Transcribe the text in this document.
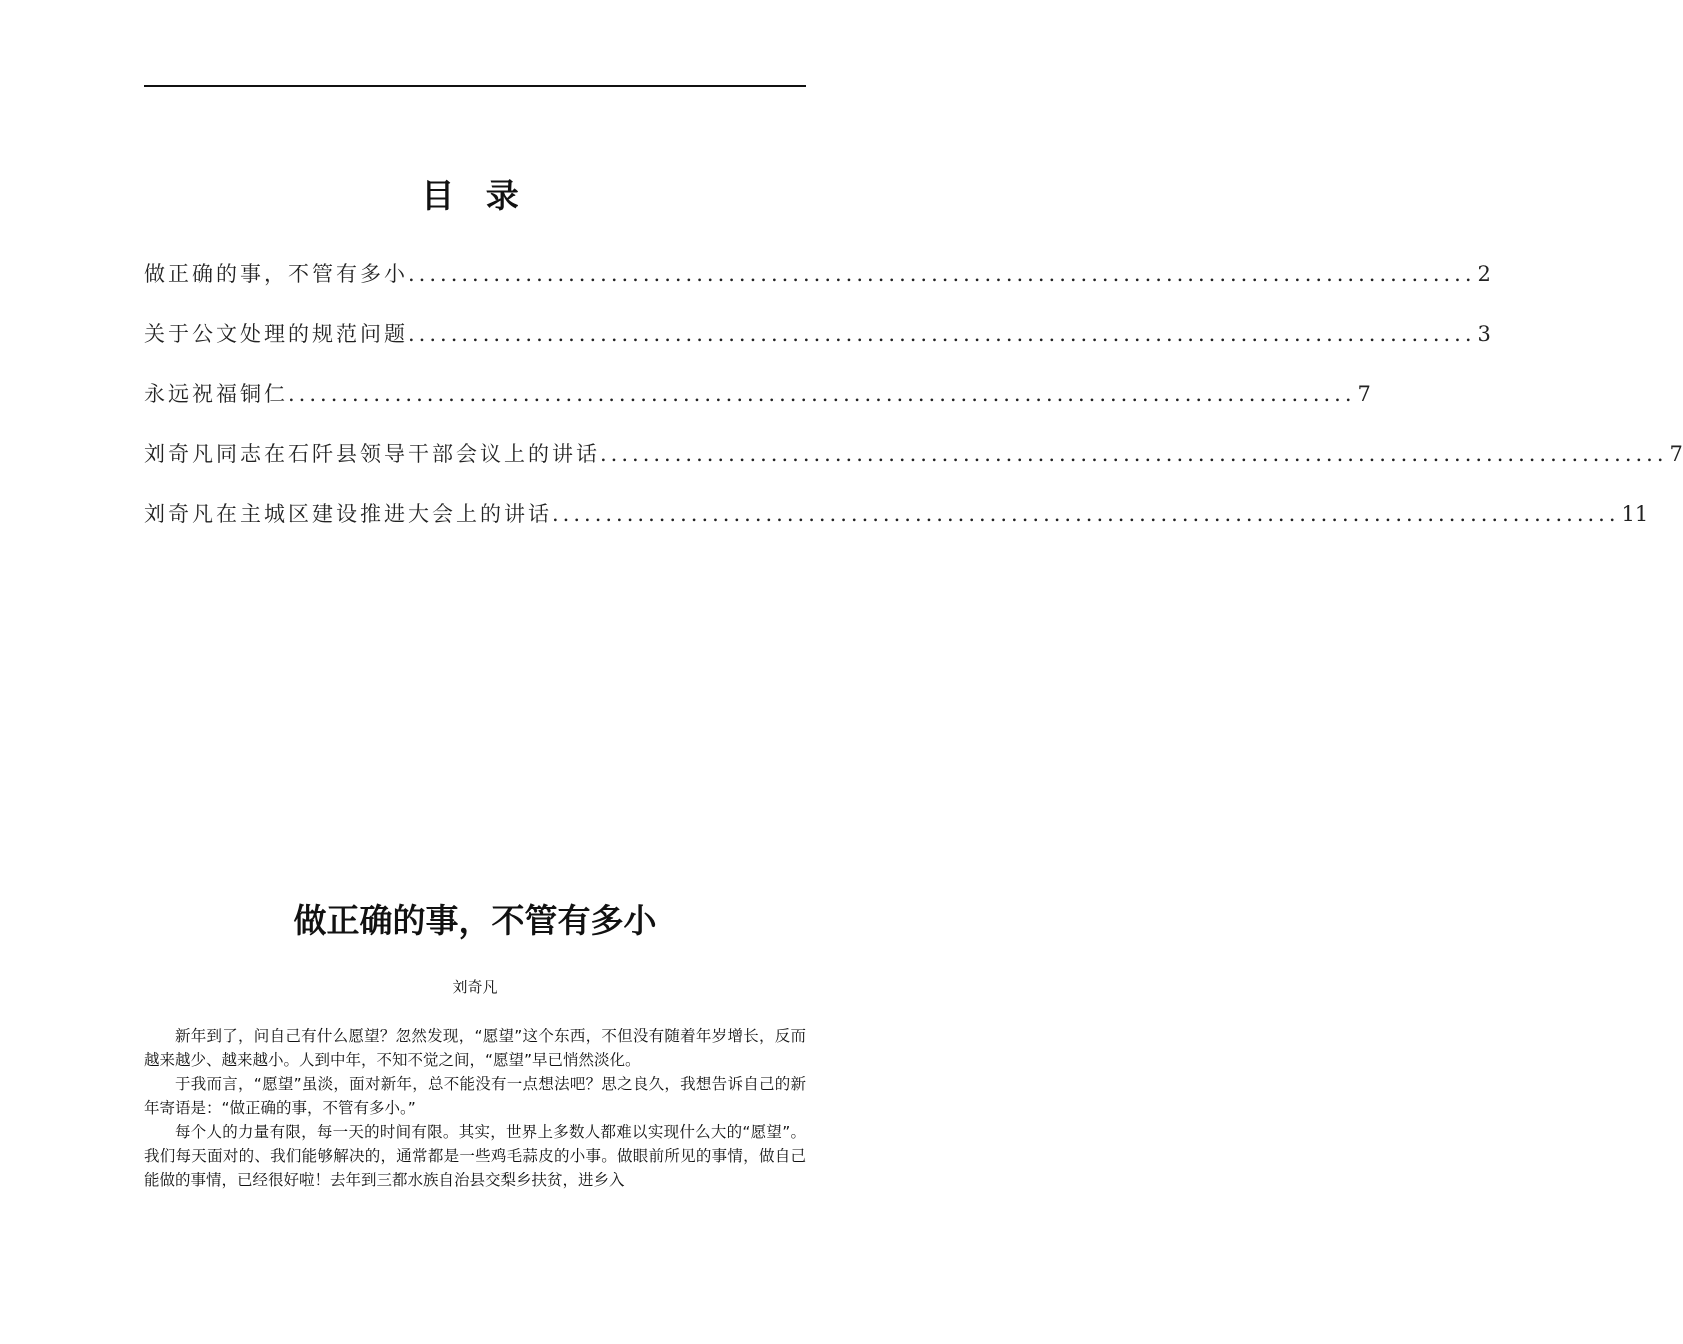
目 录
做正确的事，不管有多小 .................................................................................................... 2
关于公文处理的规范问题 .................................................................................................... 3
永远祝福铜仁 .................................................................................................... 7
刘奇凡同志在石阡县领导干部会议上的讲话 .................................................................................................... 7
刘奇凡在主城区建设推进大会上的讲话 .................................................................................................... 11
做正确的事，不管有多小
刘奇凡

新年到了，问自己有什么愿望？忽然发现，“愿望”这个东西，不但没有随着年岁增长，反而越来越少、越来越小。人到中年，不知不觉之间，“愿望”早已悄然淡化。

于我而言，“愿望”虽淡，面对新年，总不能没有一点想法吧？思之良久，我想告诉自己的新年寄语是：“做正确的事，不管有多小。”

每个人的力量有限，每一天的时间有限。其实，世界上多数人都难以实现什么大的“愿望”。我们每天面对的、我们能够解决的，通常都是一些鸡毛蒜皮的小事。做眼前所见的事情，做自己能做的事情，已经很好啦！去年到三都水族自治县交梨乡扶贫，进乡入
